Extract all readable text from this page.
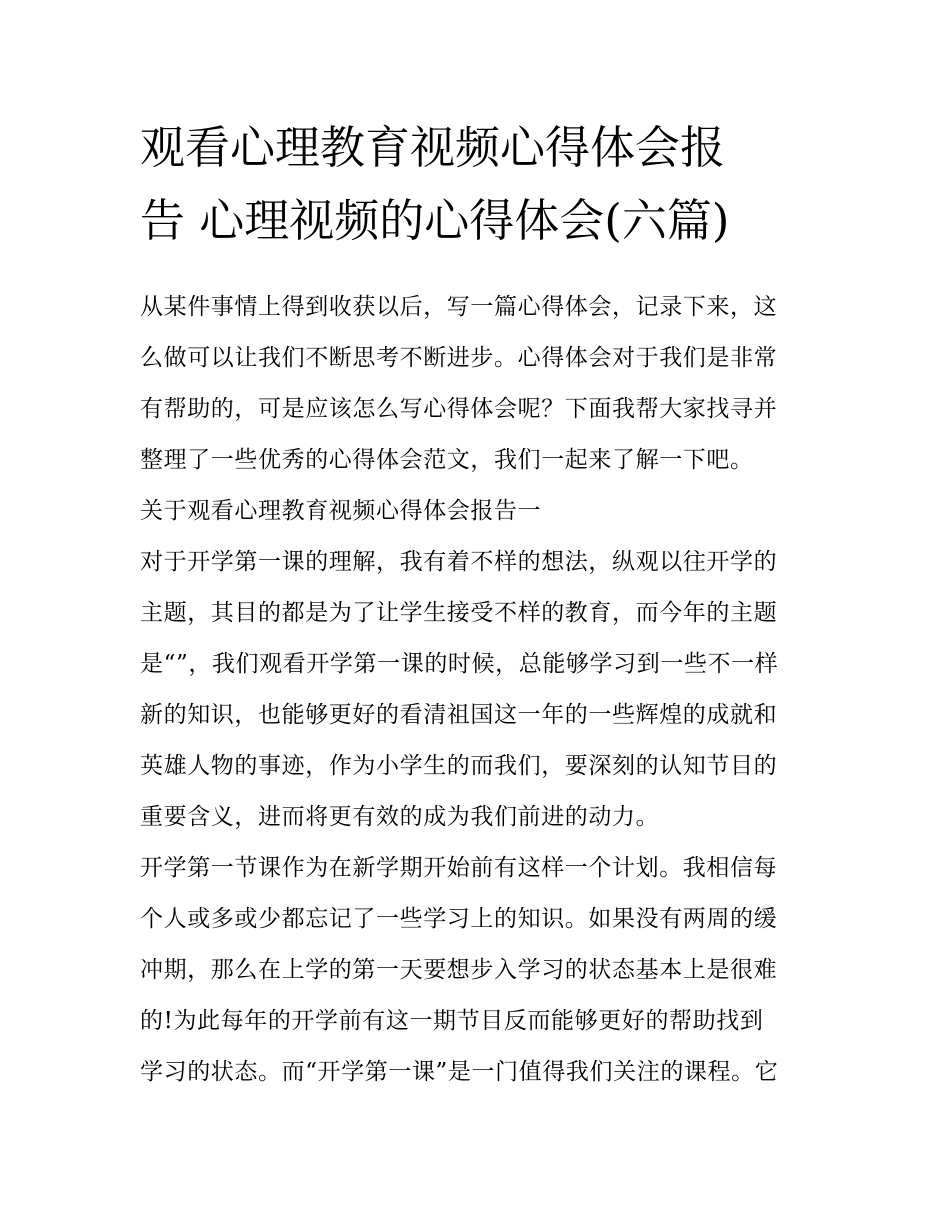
观看心理教育视频心得体会报
告 心理视频的心得体会(六篇)
从某件事情上得到收获以后，写一篇心得体会，记录下来，这
么做可以让我们不断思考不断进步。心得体会对于我们是非常
有帮助的，可是应该怎么写心得体会呢？下面我帮大家找寻并
整理了一些优秀的心得体会范文，我们一起来了解一下吧。
关于观看心理教育视频心得体会报告一
对于开学第一课的理解，我有着不样的想法，纵观以往开学的
主题，其目的都是为了让学生接受不样的教育，而今年的主题
是“”，我们观看开学第一课的时候，总能够学习到一些不一样
新的知识，也能够更好的看清祖国这一年的一些辉煌的成就和
英雄人物的事迹，作为小学生的而我们，要深刻的认知节目的
重要含义，进而将更有效的成为我们前进的动力。
开学第一节课作为在新学期开始前有这样一个计划。我相信每
个人或多或少都忘记了一些学习上的知识。如果没有两周的缓
冲期，那么在上学的第一天要想步入学习的状态基本上是很难
的!为此每年的开学前有这一期节目反而能够更好的帮助找到
学习的状态。而“开学第一课”是一门值得我们关注的课程。它
